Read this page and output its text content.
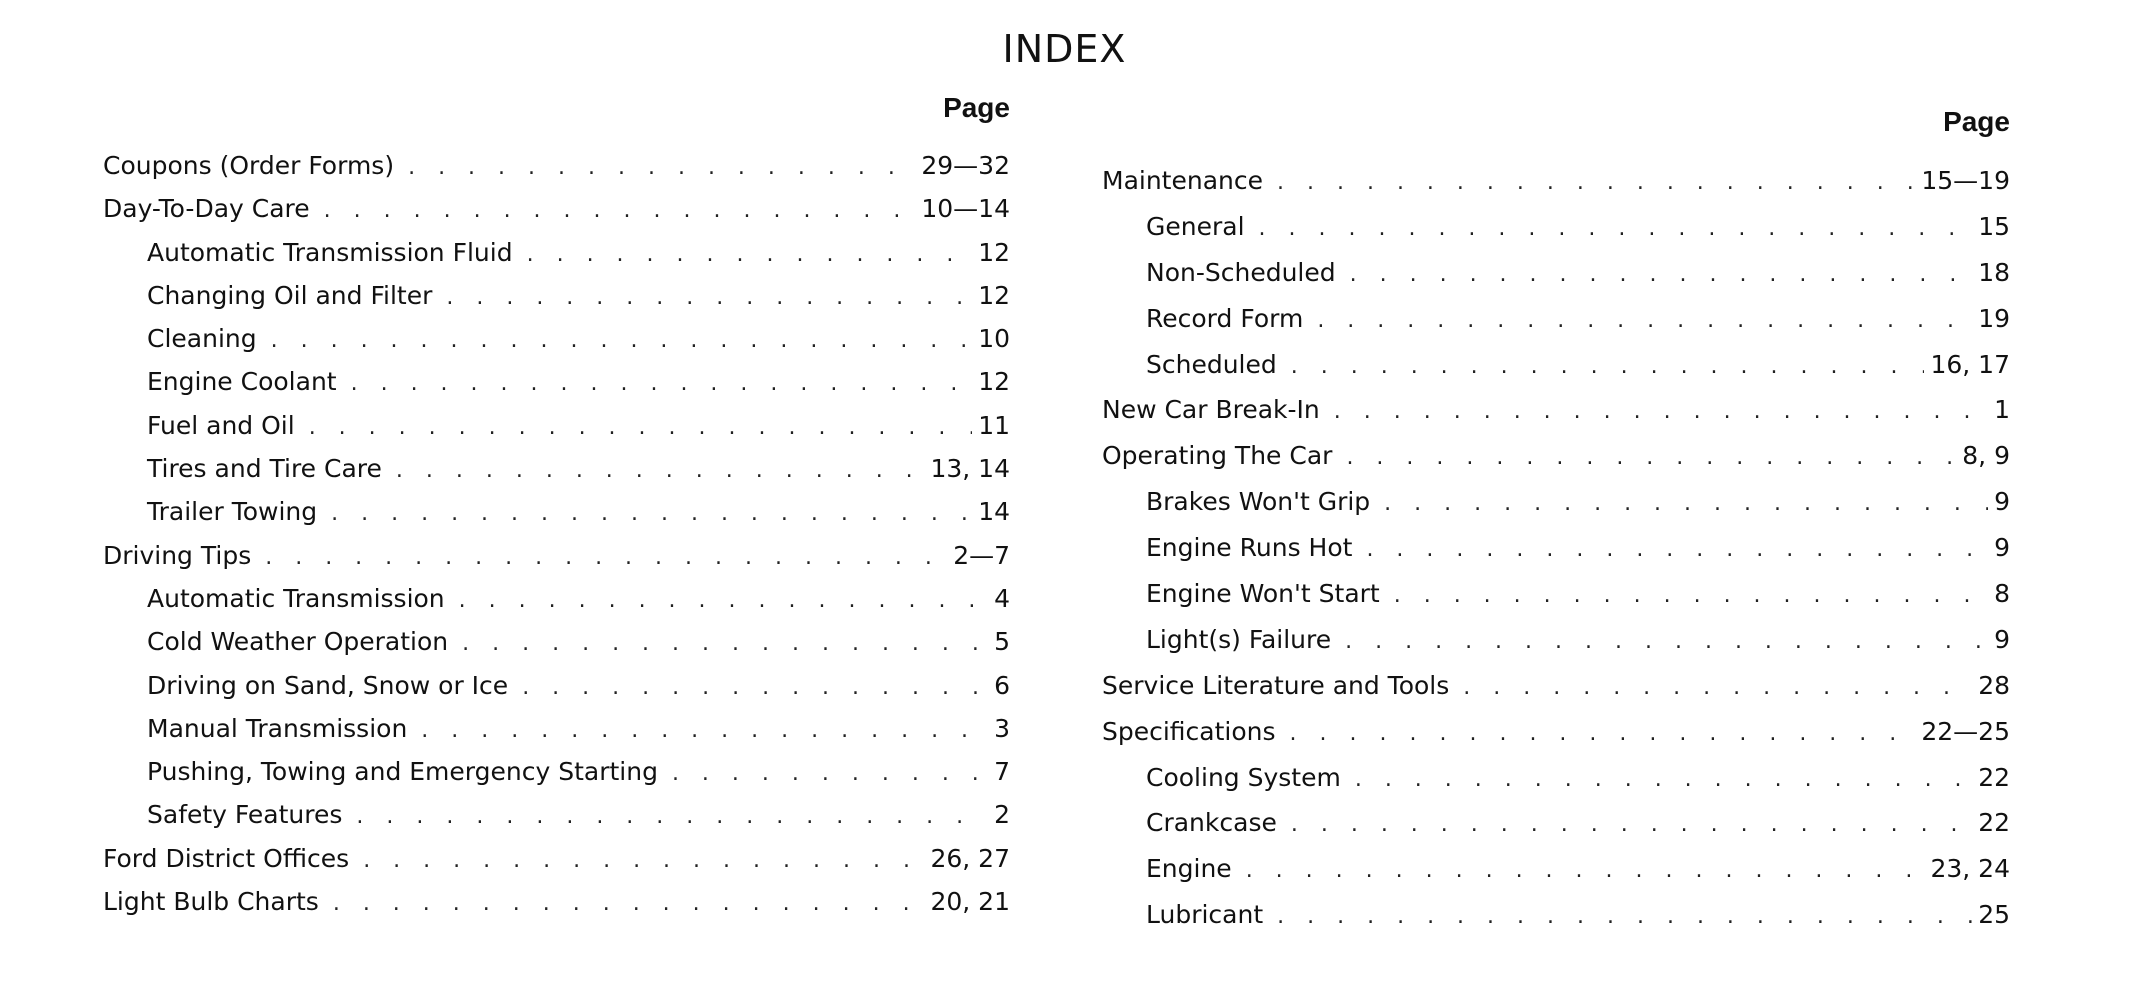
INDEX
Page
Coupons (Order Forms) . . .	29—32
Day-To-Day Care . . .	10—14
Automatic Transmission Fluid . . .	12
Changing Oil and Filter . . .	12
Cleaning . . .	10
Engine Coolant . . .	12
Fuel and Oil . . .	11
Tires and Tire Care . . .	13, 14
Trailer Towing . . .	14
Driving Tips . . .	2—7
Automatic Transmission . . .	4
Cold Weather Operation . . .	5
Driving on Sand, Snow or Ice . . .	6
Manual Transmission . . .	3
Pushing, Towing and Emergency Starting . . .	7
Safety Features . . .	2
Ford District Offices . . .	26, 27
Light Bulb Charts . . .	20, 21
Page
Maintenance . . .	15—19
General . . .	15
Non-Scheduled . . .	18
Record Form . . .	19
Scheduled . . .	16, 17
New Car Break-In . . .	1
Operating The Car . . .	8, 9
Brakes Won't Grip . . .	9
Engine Runs Hot . . .	9
Engine Won't Start . . .	8
Light(s) Failure . . .	9
Service Literature and Tools . . .	28
Specifications . . .	22—25
Cooling System . . .	22
Crankcase . . .	22
Engine . . .	23, 24
Lubricant . . .	25
